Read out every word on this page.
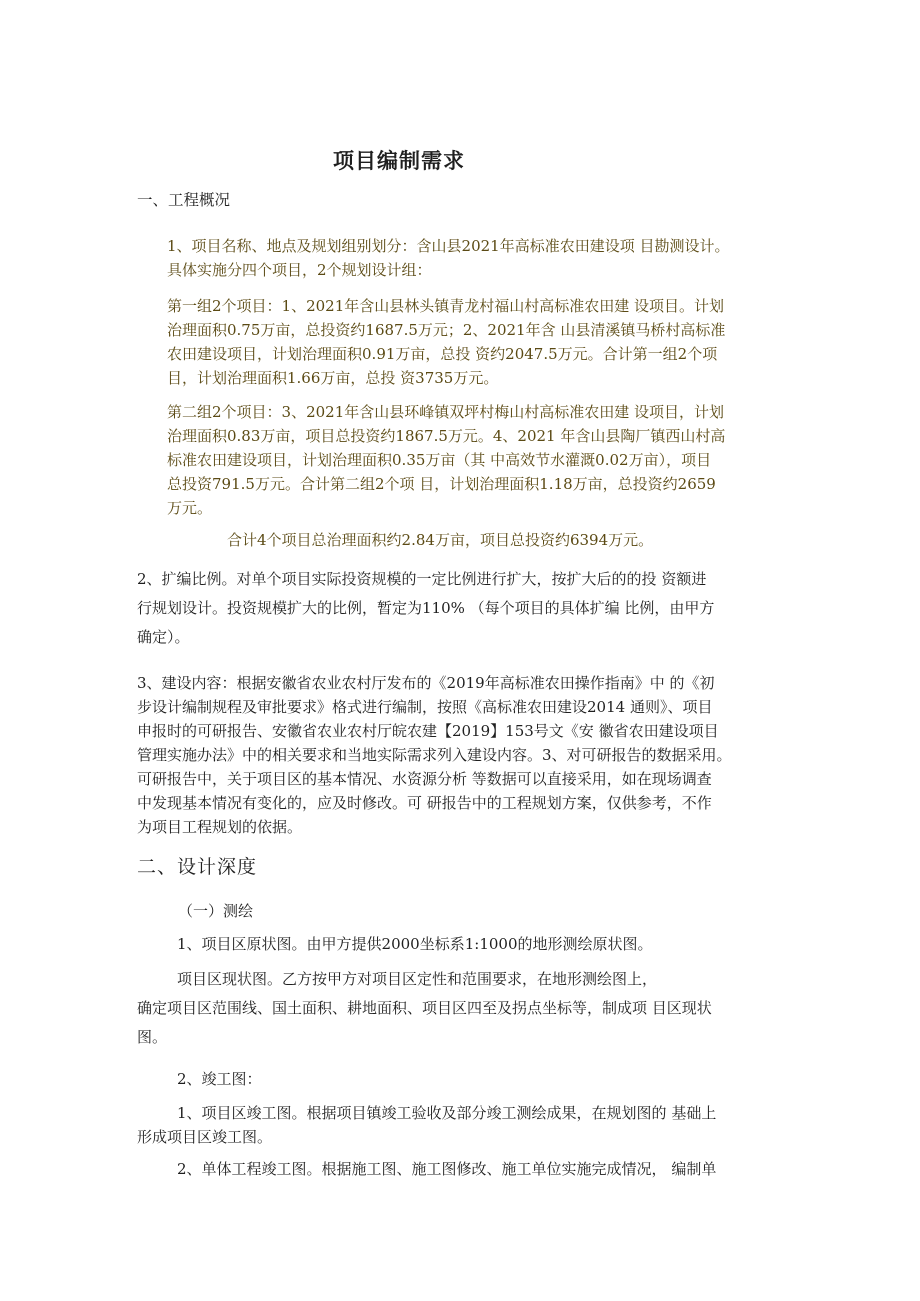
项目编制需求
一、工程概况
1、项目名称、地点及规划组别划分：含山县2021年高标准农田建设项 目勘测设计。
具体实施分四个项目，2个规划设计组：
第一组2个项目：1、2021年含山县林头镇青龙村福山村高标准农田建 设项目。计划
治理面积0.75万亩，总投资约1687.5万元；2、2021年含 山县清溪镇马桥村高标准
农田建设项目，计划治理面积0.91万亩，总投 资约2047.5万元。合计第一组2个项
目，计划治理面积1.66万亩，总投 资3735万元。
第二组2个项目：3、2021年含山县环峰镇双坪村梅山村高标准农田建 设项目，计划
治理面积0.83万亩，项目总投资约1867.5万元。4、2021 年含山县陶厂镇西山村高
标准农田建设项目，计划治理面积0.35万亩（其 中高效节水灌溉0.02万亩），项目
总投资791.5万元。合计第二组2个项 目，计划治理面积1.18万亩，总投资约2659
万元。
合计4个项目总治理面积约2.84万亩，项目总投资约6394万元。
2、扩编比例。对单个项目实际投资规模的一定比例进行扩大，按扩大后的的投 资额进
行规划设计。投资规模扩大的比例，暂定为110% （每个项目的具体扩编 比例，由甲方
确定）。
3、建设内容：根据安徽省农业农村厅发布的《2019年高标准农田操作指南》中 的《初
步设计编制规程及审批要求》格式进行编制，按照《高标准农田建设2014 通则》、项目
申报时的可研报告、安徽省农业农村厅皖农建【2019】153号文《安 徽省农田建设项目
管理实施办法》中的相关要求和当地实际需求列入建设内容。3、对可研报告的数据采用。
可研报告中，关于项目区的基本情况、水资源分析 等数据可以直接采用，如在现场调查
中发现基本情况有变化的，应及时修改。可 研报告中的工程规划方案，仅供参考，不作
为项目工程规划的依据。
二、设计深度
（一）测绘
1、项目区原状图。由甲方提供2000坐标系1:1000的地形测绘原状图。
项目区现状图。乙方按甲方对项目区定性和范围要求，在地形测绘图上，
确定项目区范围线、国土面积、耕地面积、项目区四至及拐点坐标等，制成项 目区现状
图。
2、竣工图：
1、项目区竣工图。根据项目镇竣工验收及部分竣工测绘成果，在规划图的 基础上
形成项目区竣工图。
2、单体工程竣工图。根据施工图、施工图修改、施工单位实施完成情况， 编制单
